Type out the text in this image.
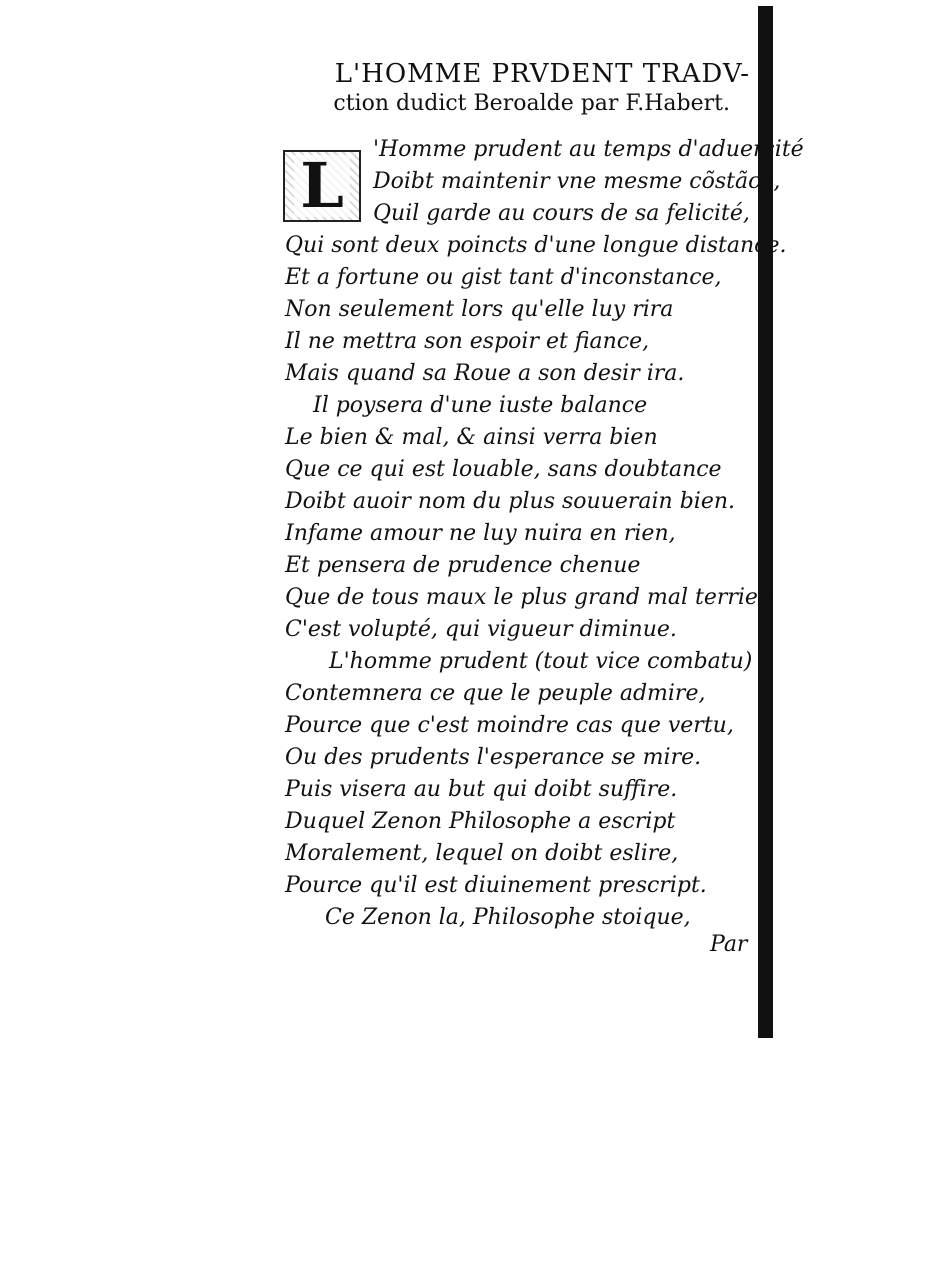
L'HOMME PRVDENT TRADV-
ction dudict Beroalde par F.Habert.
L 'Homme prudent au temps d'aduersité
Doibt maintenir vne mesme cõstãce,
Quil garde au cours de sa felicité,
Qui sont deux poincts d'une longue distance.
Et a fortune ou gist tant d'inconstance,
Non seulement lors qu'elle luy rira
Il ne mettra son espoir et fiance,
Mais quand sa Roue a son desir ira.
Il poysera d'une iuste balance
Le bien & mal, & ainsi verra bien
Que ce qui est louable, sans doubtance
Doibt auoir nom du plus souuerain bien.
Infame amour ne luy nuira en rien,
Et pensera de prudence chenue
Que de tous maux le plus grand mal terrien
C'est volupté, qui vigueur diminue.
L'homme prudent (tout vice combatu)
Contemnera ce que le peuple admire,
Pource que c'est moindre cas que vertu,
Ou des prudents l'esperance se mire.
Puis visera au but qui doibt suffire.
Duquel Zenon Philosophe a escript
Moralement, lequel on doibt eslire,
Pource qu'il est diuinement prescript.
Ce Zenon la, Philosophe stoique,
Par
